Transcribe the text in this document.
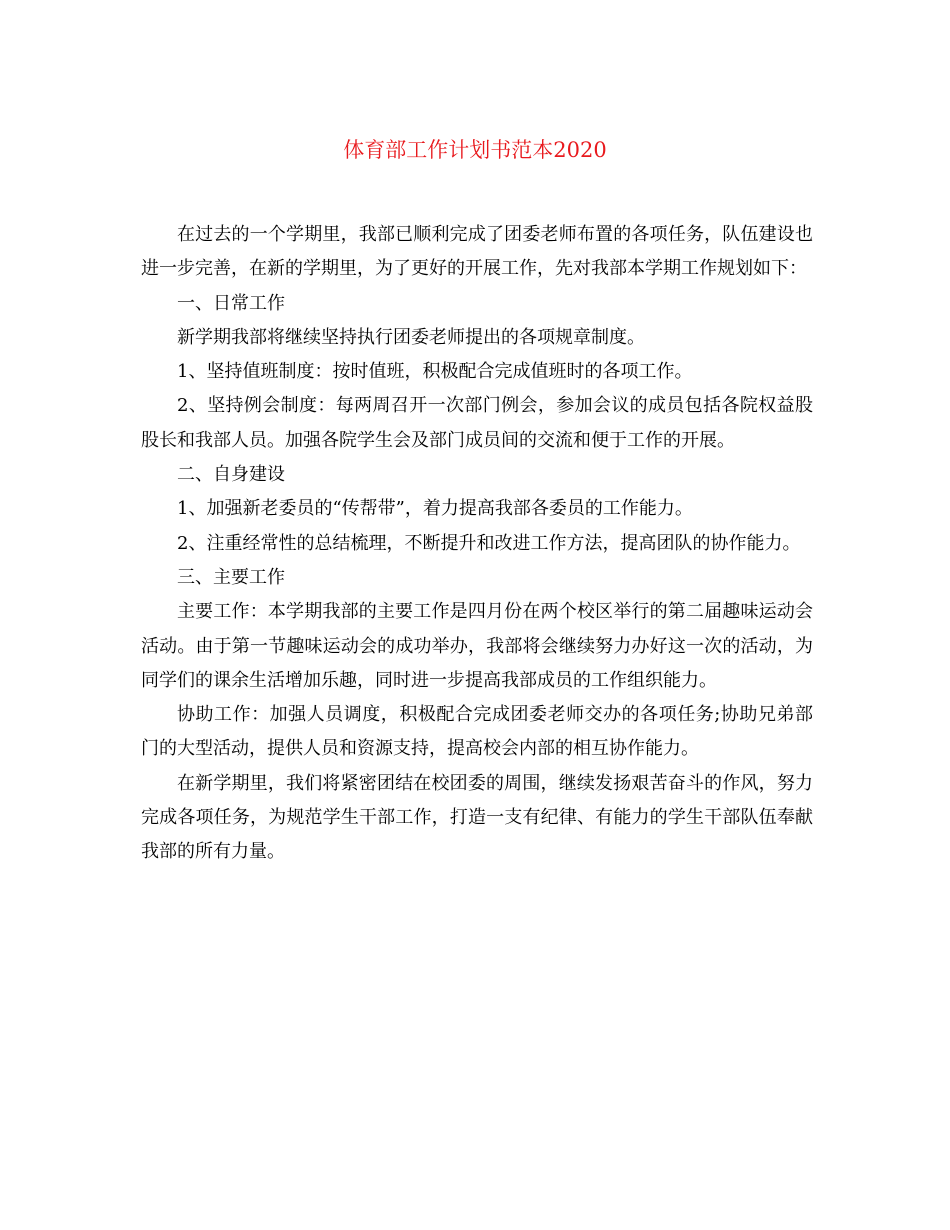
体育部工作计划书范本2020

在过去的一个学期里，我部已顺利完成了团委老师布置的各项任务，队伍建设也进一步完善，在新的学期里，为了更好的开展工作，先对我部本学期工作规划如下：

一、日常工作

新学期我部将继续坚持执行团委老师提出的各项规章制度。

1、坚持值班制度：按时值班，积极配合完成值班时的各项工作。

2、坚持例会制度：每两周召开一次部门例会，参加会议的成员包括各院权益股股长和我部人员。加强各院学生会及部门成员间的交流和便于工作的开展。

二、自身建设

1、加强新老委员的“传帮带”，着力提高我部各委员的工作能力。

2、注重经常性的总结梳理，不断提升和改进工作方法，提高团队的协作能力。

三、主要工作

主要工作：本学期我部的主要工作是四月份在两个校区举行的第二届趣味运动会活动。由于第一节趣味运动会的成功举办，我部将会继续努力办好这一次的活动，为同学们的课余生活增加乐趣，同时进一步提高我部成员的工作组织能力。

协助工作：加强人员调度，积极配合完成团委老师交办的各项任务;协助兄弟部门的大型活动，提供人员和资源支持，提高校会内部的相互协作能力。

在新学期里，我们将紧密团结在校团委的周围，继续发扬艰苦奋斗的作风，努力完成各项任务，为规范学生干部工作，打造一支有纪律、有能力的学生干部队伍奉献我部的所有力量。
